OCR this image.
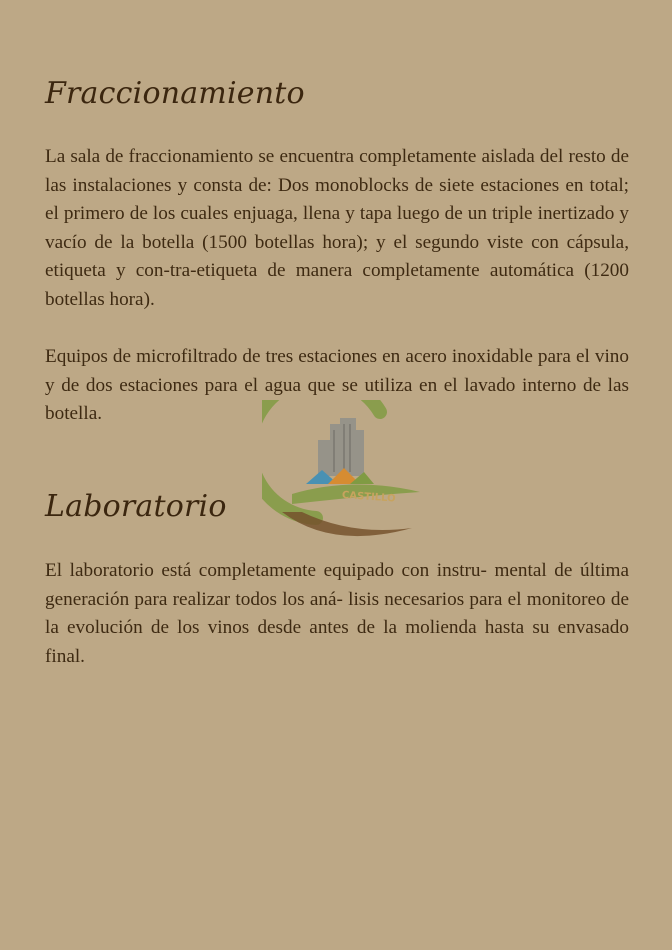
Fraccionamiento

La sala de fraccionamiento se encuentra completamente aislada del resto de las instalaciones y consta de: Dos monoblocks de siete estaciones en total; el primero de los cuales enjuaga, llena y tapa luego de un triple inertizado y vacío de la botella (1500 botellas hora); y el segundo viste con cápsula, etiqueta y con-tra-etiqueta de manera completamente automática (1200 botellas hora).

Equipos de microfiltrado de tres estaciones en acero inoxidable para el vino y de dos estaciones para el agua que se utiliza en el lavado interno de las botella.

Laboratorio

El laboratorio está completamente equipado con instru- mental de última generación para realizar todos los aná- lisis necesarios para el monitoreo de la evolución de los vinos desde antes de la molienda hasta su envasado final.

CASTILLO
